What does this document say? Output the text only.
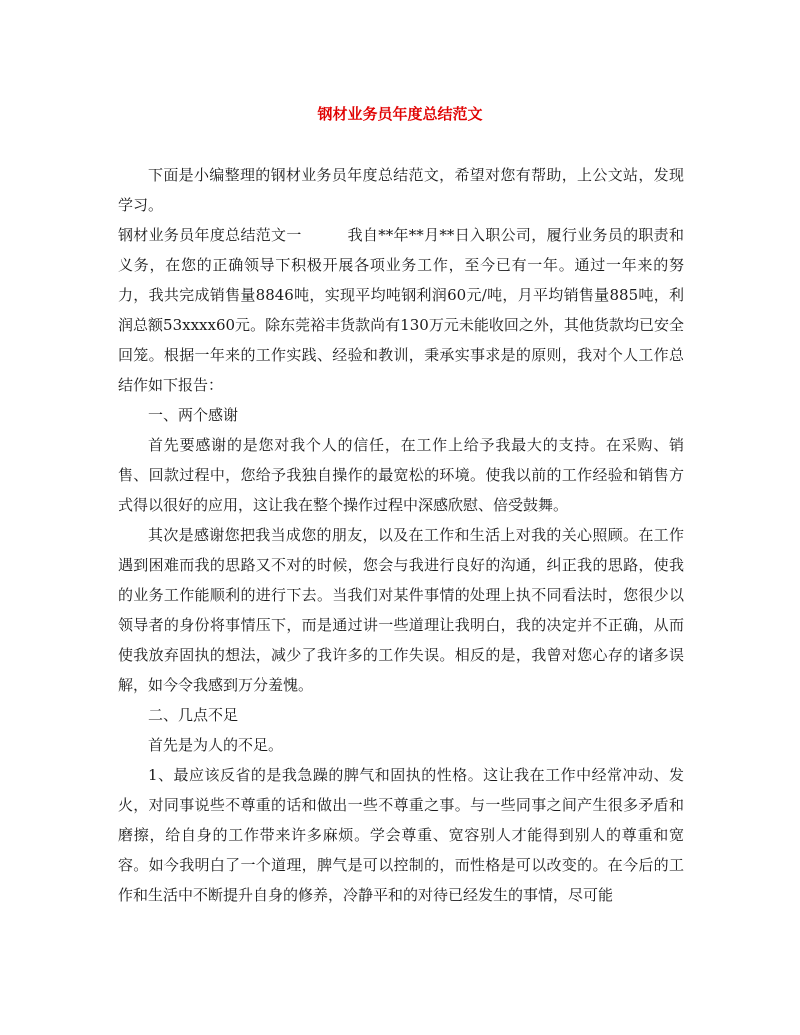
钢材业务员年度总结范文

下面是小编整理的钢材业务员年度总结范文，希望对您有帮助，上公文站，发现学习。

钢材业务员年度总结范文一　　　我自**年**月**日入职公司，履行业务员的职责和义务，在您的正确领导下积极开展各项业务工作，至今已有一年。通过一年来的努力，我共完成销售量8846吨，实现平均吨钢利润60元/吨，月平均销售量885吨，利润总额53xxxx60元。除东莞裕丰货款尚有130万元未能收回之外，其他货款均已安全回笼。根据一年来的工作实践、经验和教训，秉承实事求是的原则，我对个人工作总结作如下报告：

一、两个感谢

首先要感谢的是您对我个人的信任，在工作上给予我最大的支持。在采购、销售、回款过程中，您给予我独自操作的最宽松的环境。使我以前的工作经验和销售方式得以很好的应用，这让我在整个操作过程中深感欣慰、倍受鼓舞。

其次是感谢您把我当成您的朋友，以及在工作和生活上对我的关心照顾。在工作遇到困难而我的思路又不对的时候，您会与我进行良好的沟通，纠正我的思路，使我的业务工作能顺利的进行下去。当我们对某件事情的处理上执不同看法时，您很少以领导者的身份将事情压下，而是通过讲一些道理让我明白，我的决定并不正确，从而使我放弃固执的想法，减少了我许多的工作失误。相反的是，我曾对您心存的诸多误解，如今令我感到万分羞愧。

二、几点不足

首先是为人的不足。

1、最应该反省的是我急躁的脾气和固执的性格。这让我在工作中经常冲动、发火，对同事说些不尊重的话和做出一些不尊重之事。与一些同事之间产生很多矛盾和磨擦，给自身的工作带来许多麻烦。学会尊重、宽容别人才能得到别人的尊重和宽容。如今我明白了一个道理，脾气是可以控制的，而性格是可以改变的。在今后的工作和生活中不断提升自身的修养，冷静平和的对待已经发生的事情，尽可能
